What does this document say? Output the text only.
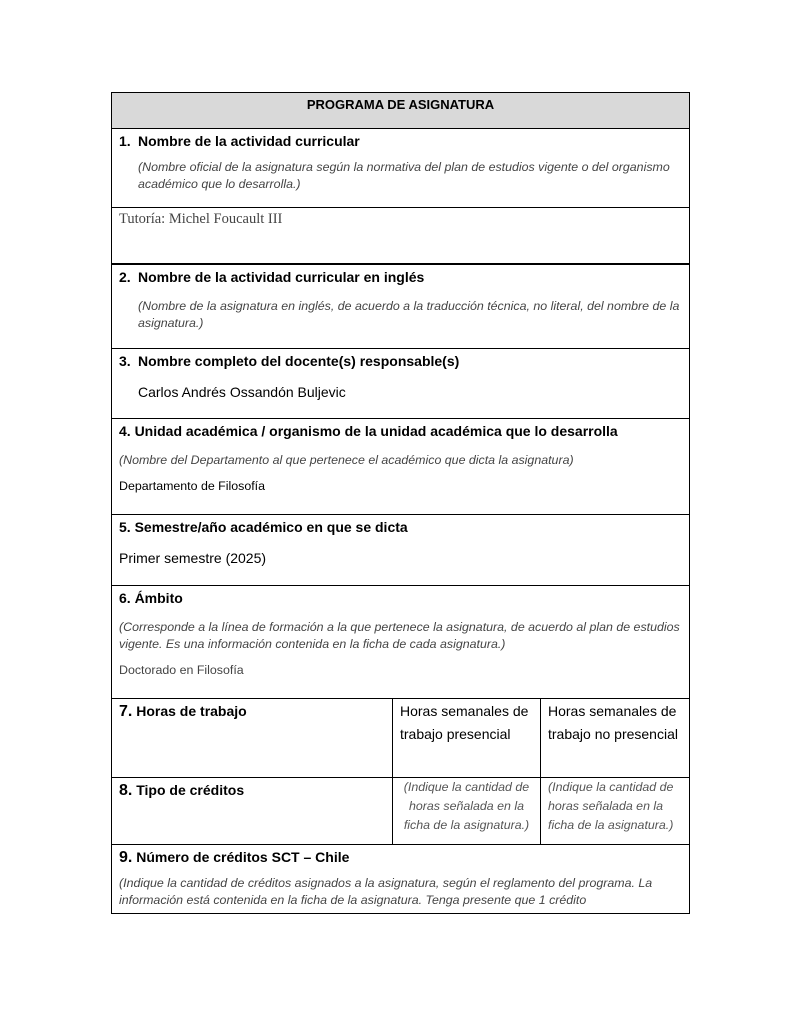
PROGRAMA DE ASIGNATURA		

1. Nombre de la actividad curricular
(Nombre oficial de la asignatura según la normativa del plan de estudios vigente o del organismo académico que lo desarrolla.)		

Tutoría: Michel Foucault III		

2. Nombre de la actividad curricular en inglés
(Nombre de la asignatura en inglés, de acuerdo a la traducción técnica, no literal, del nombre de la asignatura.)		

3. Nombre completo del docente(s) responsable(s)
Carlos Andrés Ossandón Buljevic		

4. Unidad académica / organismo de la unidad académica que lo desarrolla
(Nombre del Departamento al que pertenece el académico que dicta la asignatura)
Departamento de Filosofía		

5. Semestre/año académico en que se dicta
Primer semestre (2025)		

6. Ámbito
(Corresponde a la línea de formación a la que pertenece la asignatura, de acuerdo al plan de estudios vigente. Es una información contenida en la ficha de cada asignatura.)
Doctorado en Filosofía		

7. Horas de trabajo	Horas semanales de trabajo presencial	Horas semanales de trabajo no presencial

8. Tipo de créditos	(Indique la cantidad de horas señalada en la ficha de la asignatura.)	(Indique la cantidad de horas señalada en la ficha de la asignatura.)

9. Número de créditos SCT – Chile
(Indique la cantidad de créditos asignados a la asignatura, según el reglamento del programa. La información está contenida en la ficha de la asignatura. Tenga presente que 1 crédito		
